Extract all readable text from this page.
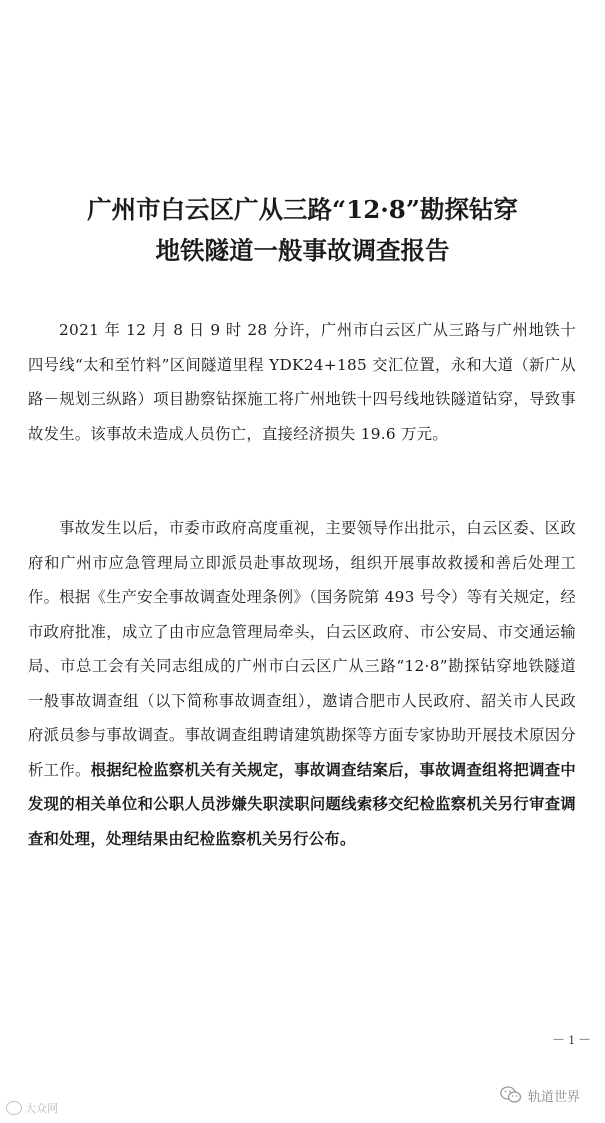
广州市白云区广从三路“12·8”勘探钻穿
地铁隧道一般事故调查报告

2021 年 12 月 8 日 9 时 28 分许，广州市白云区广从三路与广州地铁十四号线“太和至竹料”区间隧道里程 YDK24+185 交汇位置，永和大道（新广从路－规划三纵路）项目勘察钻探施工将广州地铁十四号线地铁隧道钻穿，导致事故发生。该事故未造成人员伤亡，直接经济损失 19.6 万元。

事故发生以后，市委市政府高度重视，主要领导作出批示，白云区委、区政府和广州市应急管理局立即派员赴事故现场，组织开展事故救援和善后处理工作。根据《生产安全事故调查处理条例》（国务院第 493 号令）等有关规定，经市政府批准，成立了由市应急管理局牵头，白云区政府、市公安局、市交通运输局、市总工会有关同志组成的广州市白云区广从三路“12·8”勘探钻穿地铁隧道一般事故调查组（以下简称事故调查组），邀请合肥市人民政府、韶关市人民政府派员参与事故调查。事故调查组聘请建筑勘探等方面专家协助开展技术原因分析工作。根据纪检监察机关有关规定，事故调查结案后，事故调查组将把调查中发现的相关单位和公职人员涉嫌失职渎职问题线索移交纪检监察机关另行审查调查和处理，处理结果由纪检监察机关另行公布。

－ 1 －
大众网
轨道世界
